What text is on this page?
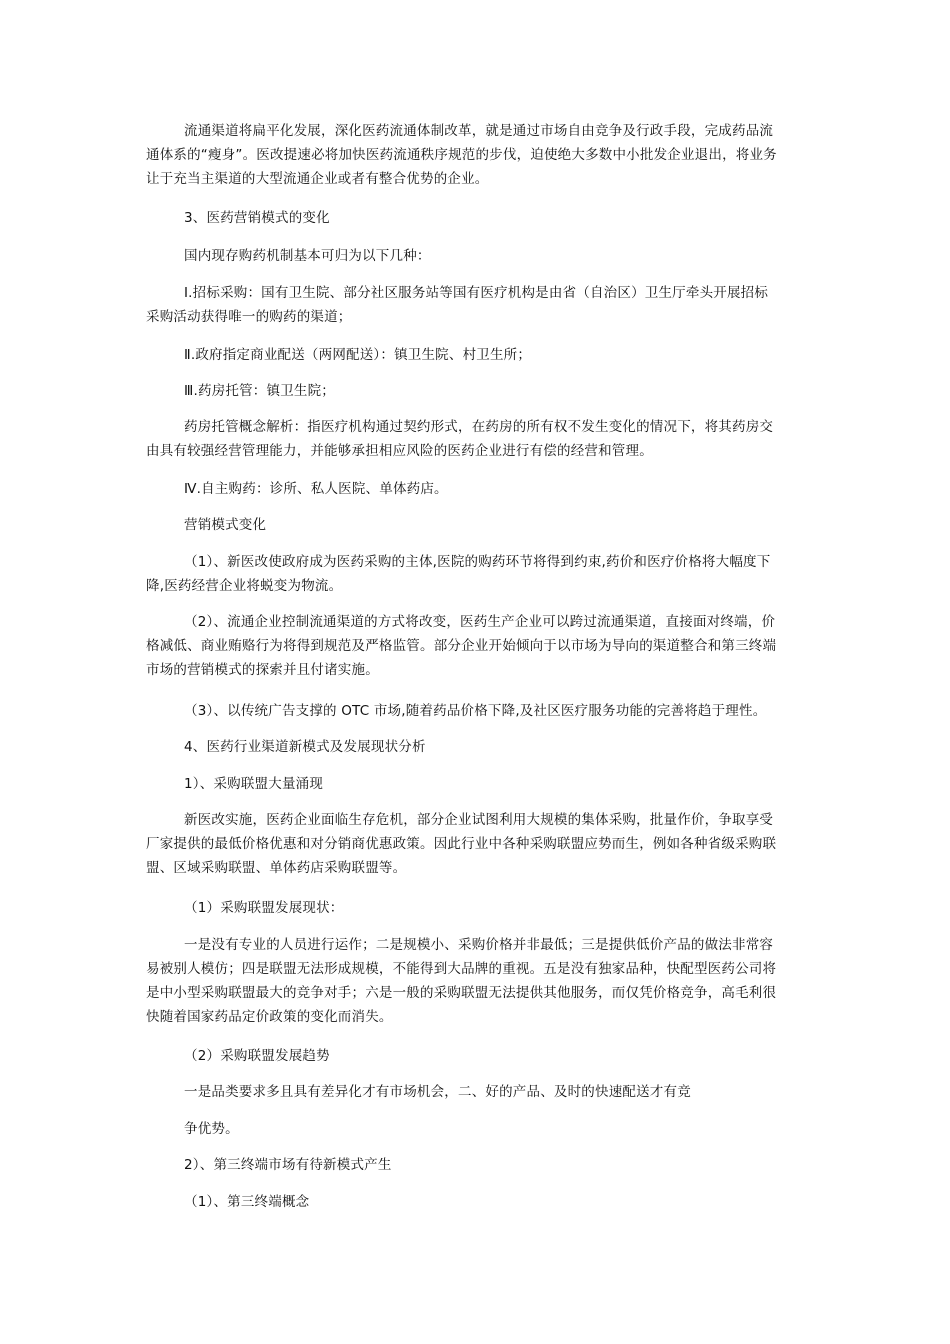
流通渠道将扁平化发展，深化医药流通体制改革，就是通过市场自由竞争及行政手段，完成药品流
通体系的“瘦身”。医改提速必将加快医药流通秩序规范的步伐，迫使绝大多数中小批发企业退出，将业务
让于充当主渠道的大型流通企业或者有整合优势的企业。
3、医药营销模式的变化
国内现存购药机制基本可归为以下几种：
Ⅰ.招标采购：国有卫生院、部分社区服务站等国有医疗机构是由省（自治区）卫生厅牵头开展招标
采购活动获得唯一的购药的渠道；
Ⅱ.政府指定商业配送（两网配送）：镇卫生院、村卫生所；
Ⅲ.药房托管：镇卫生院；
药房托管概念解析：指医疗机构通过契约形式，在药房的所有权不发生变化的情况下，将其药房交
由具有较强经营管理能力，并能够承担相应风险的医药企业进行有偿的经营和管理。
Ⅳ.自主购药：诊所、私人医院、单体药店。
营销模式变化
（1）、新医改使政府成为医药采购的主体,医院的购药环节将得到约束,药价和医疗价格将大幅度下
降,医药经营企业将蜕变为物流。
（2）、流通企业控制流通渠道的方式将改变，医药生产企业可以跨过流通渠道，直接面对终端，价
格减低、商业贿赂行为将得到规范及严格监管。部分企业开始倾向于以市场为导向的渠道整合和第三终端
市场的营销模式的探索并且付诸实施。
（3）、以传统广告支撑的 OTC 市场,随着药品价格下降,及社区医疗服务功能的完善将趋于理性。
4、医药行业渠道新模式及发展现状分析
1）、采购联盟大量涌现
新医改实施，医药企业面临生存危机，部分企业试图利用大规模的集体采购，批量作价，争取享受
厂家提供的最低价格优惠和对分销商优惠政策。因此行业中各种采购联盟应势而生，例如各种省级采购联
盟、区域采购联盟、单体药店采购联盟等。
（1）采购联盟发展现状：
一是没有专业的人员进行运作；二是规模小、采购价格并非最低；三是提供低价产品的做法非常容
易被别人模仿；四是联盟无法形成规模，不能得到大品牌的重视。五是没有独家品种，快配型医药公司将
是中小型采购联盟最大的竞争对手；六是一般的采购联盟无法提供其他服务，而仅凭价格竞争，高毛利很
快随着国家药品定价政策的变化而消失。
（2）采购联盟发展趋势
一是品类要求多且具有差异化才有市场机会，二、好的产品、及时的快速配送才有竞
争优势。
2）、第三终端市场有待新模式产生
（1）、第三终端概念
